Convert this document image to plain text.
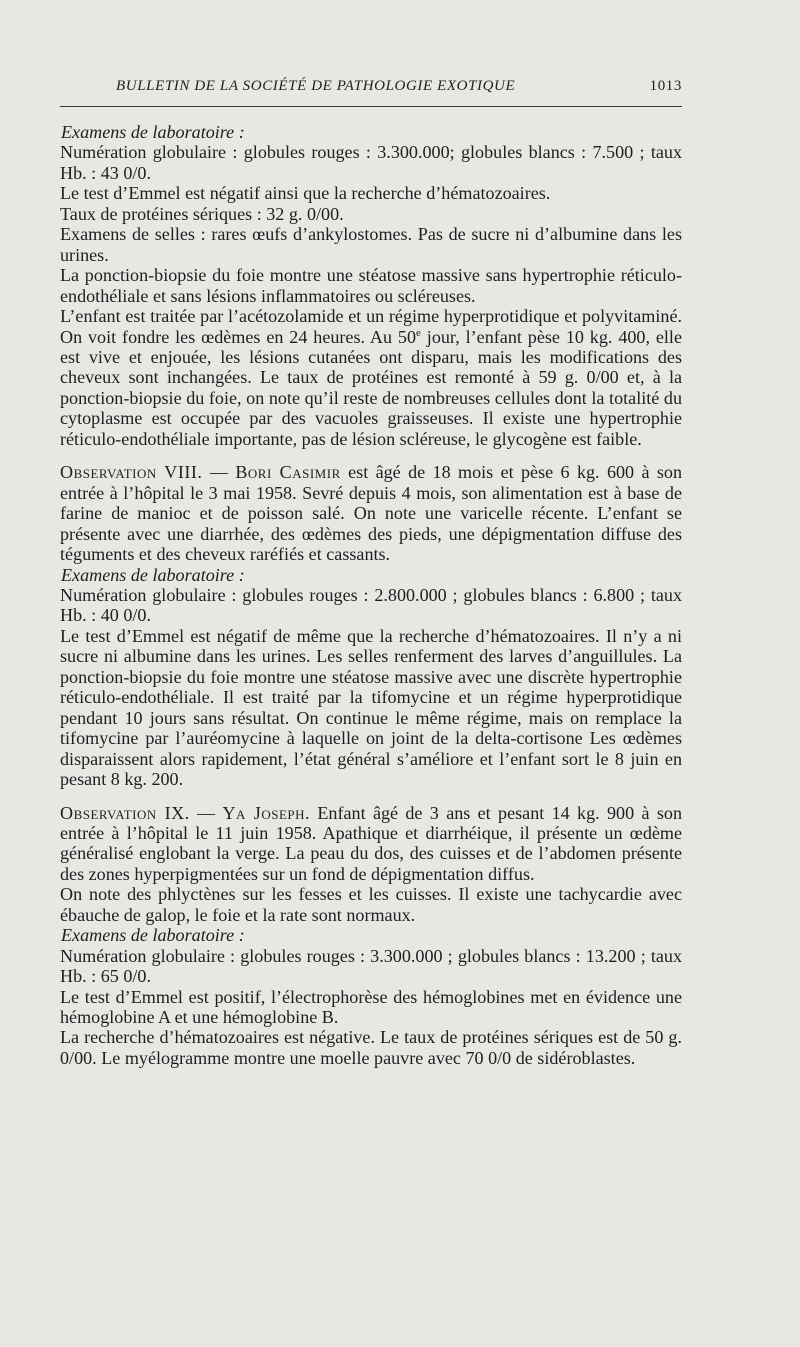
BULLETIN DE LA SOCIÉTÉ DE PATHOLOGIE EXOTIQUE	1013

Examens de laboratoire :

Numération globulaire : globules rouges : 3.300.000; globules blancs : 7.500 ; taux Hb. : 43 0/0.

Le test d’Emmel est négatif ainsi que la recherche d’hématozoaires.

Taux de protéines sériques : 32 g. 0/00.

Examens de selles : rares œufs d’ankylostomes. Pas de sucre ni d’albumine dans les urines.

La ponction-biopsie du foie montre une stéatose massive sans hypertrophie réticulo-endothéliale et sans lésions inflammatoires ou scléreuses.

L’enfant est traitée par l’acétozolamide et un régime hyperprotidique et polyvitaminé. On voit fondre les œdèmes en 24 heures. Au 50e jour, l’enfant pèse 10 kg. 400, elle est vive et enjouée, les lésions cutanées ont disparu, mais les modifications des cheveux sont inchangées. Le taux de protéines est remonté à 59 g. 0/00 et, à la ponction-biopsie du foie, on note qu’il reste de nombreuses cellules dont la totalité du cytoplasme est occupée par des vacuoles graisseuses. Il existe une hypertrophie réticulo-endothéliale importante, pas de lésion scléreuse, le glycogène est faible.

Observation VIII. — Bori Casimir est âgé de 18 mois et pèse 6 kg. 600 à son entrée à l’hôpital le 3 mai 1958. Sevré depuis 4 mois, son alimentation est à base de farine de manioc et de poisson salé. On note une varicelle récente. L’enfant se présente avec une diarrhée, des œdèmes des pieds, une dépigmentation diffuse des téguments et des cheveux raréfiés et cassants.

Examens de laboratoire :

Numération globulaire : globules rouges : 2.800.000 ; globules blancs : 6.800 ; taux Hb. : 40 0/0.

Le test d’Emmel est négatif de même que la recherche d’hématozoaires. Il n’y a ni sucre ni albumine dans les urines. Les selles renferment des larves d’anguillules. La ponction-biopsie du foie montre une stéatose massive avec une discrète hypertrophie réticulo-endothéliale. Il est traité par la tifomycine et un régime hyperprotidique pendant 10 jours sans résultat. On continue le même régime, mais on remplace la tifomycine par l’auréomycine à laquelle on joint de la delta-cortisone Les œdèmes disparaissent alors rapidement, l’état général s’améliore et l’enfant sort le 8 juin en pesant 8 kg. 200.

Observation IX. — Ya Joseph. Enfant âgé de 3 ans et pesant 14 kg. 900 à son entrée à l’hôpital le 11 juin 1958. Apathique et diarrhéique, il présente un œdème généralisé englobant la verge. La peau du dos, des cuisses et de l’abdomen présente des zones hyperpigmentées sur un fond de dépigmentation diffus.

On note des phlyctènes sur les fesses et les cuisses. Il existe une tachycardie avec ébauche de galop, le foie et la rate sont normaux.

Examens de laboratoire :

Numération globulaire : globules rouges : 3.300.000 ; globules blancs : 13.200 ; taux Hb. : 65 0/0.

Le test d’Emmel est positif, l’électrophorèse des hémoglobines met en évidence une hémoglobine A et une hémoglobine B.

La recherche d’hématozoaires est négative. Le taux de protéines sériques est de 50 g. 0/00. Le myélogramme montre une moelle pauvre avec 70 0/0 de sidéroblastes.
